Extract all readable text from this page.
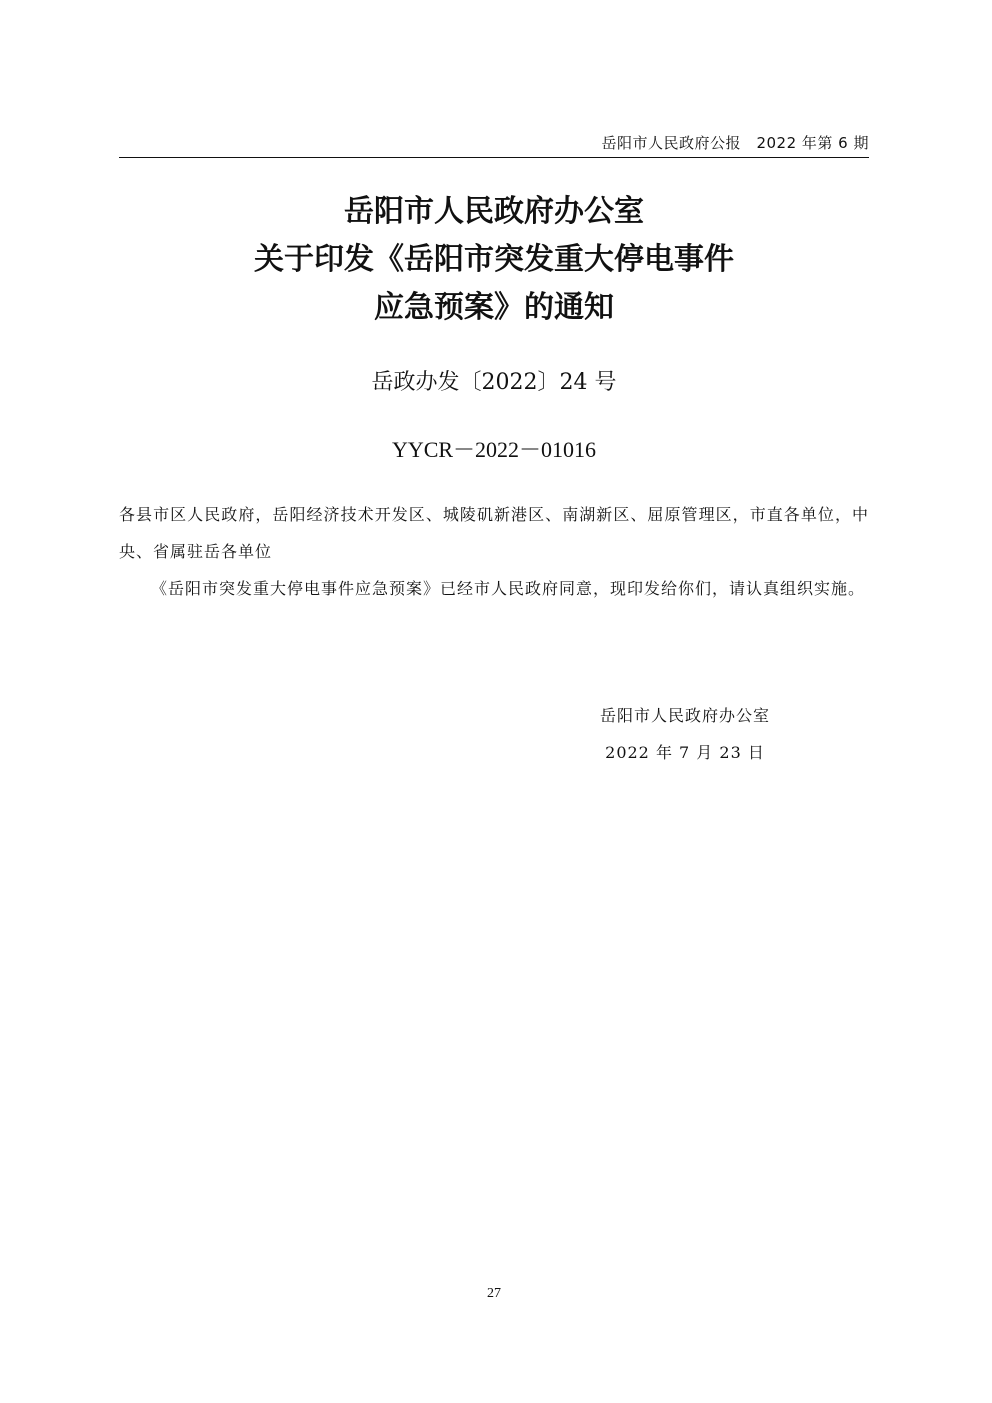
岳阳市人民政府公报　2022 年第 6 期
岳阳市人民政府办公室
关于印发《岳阳市突发重大停电事件
应急预案》的通知
岳政办发〔2022〕24 号
YYCR－2022－01016

各县市区人民政府，岳阳经济技术开发区、城陵矶新港区、南湖新区、屈原管理区，市直各单位，中央、省属驻岳各单位

《岳阳市突发重大停电事件应急预案》已经市人民政府同意，现印发给你们，请认真组织实施。

岳阳市人民政府办公室
2022 年 7 月 23 日
27
